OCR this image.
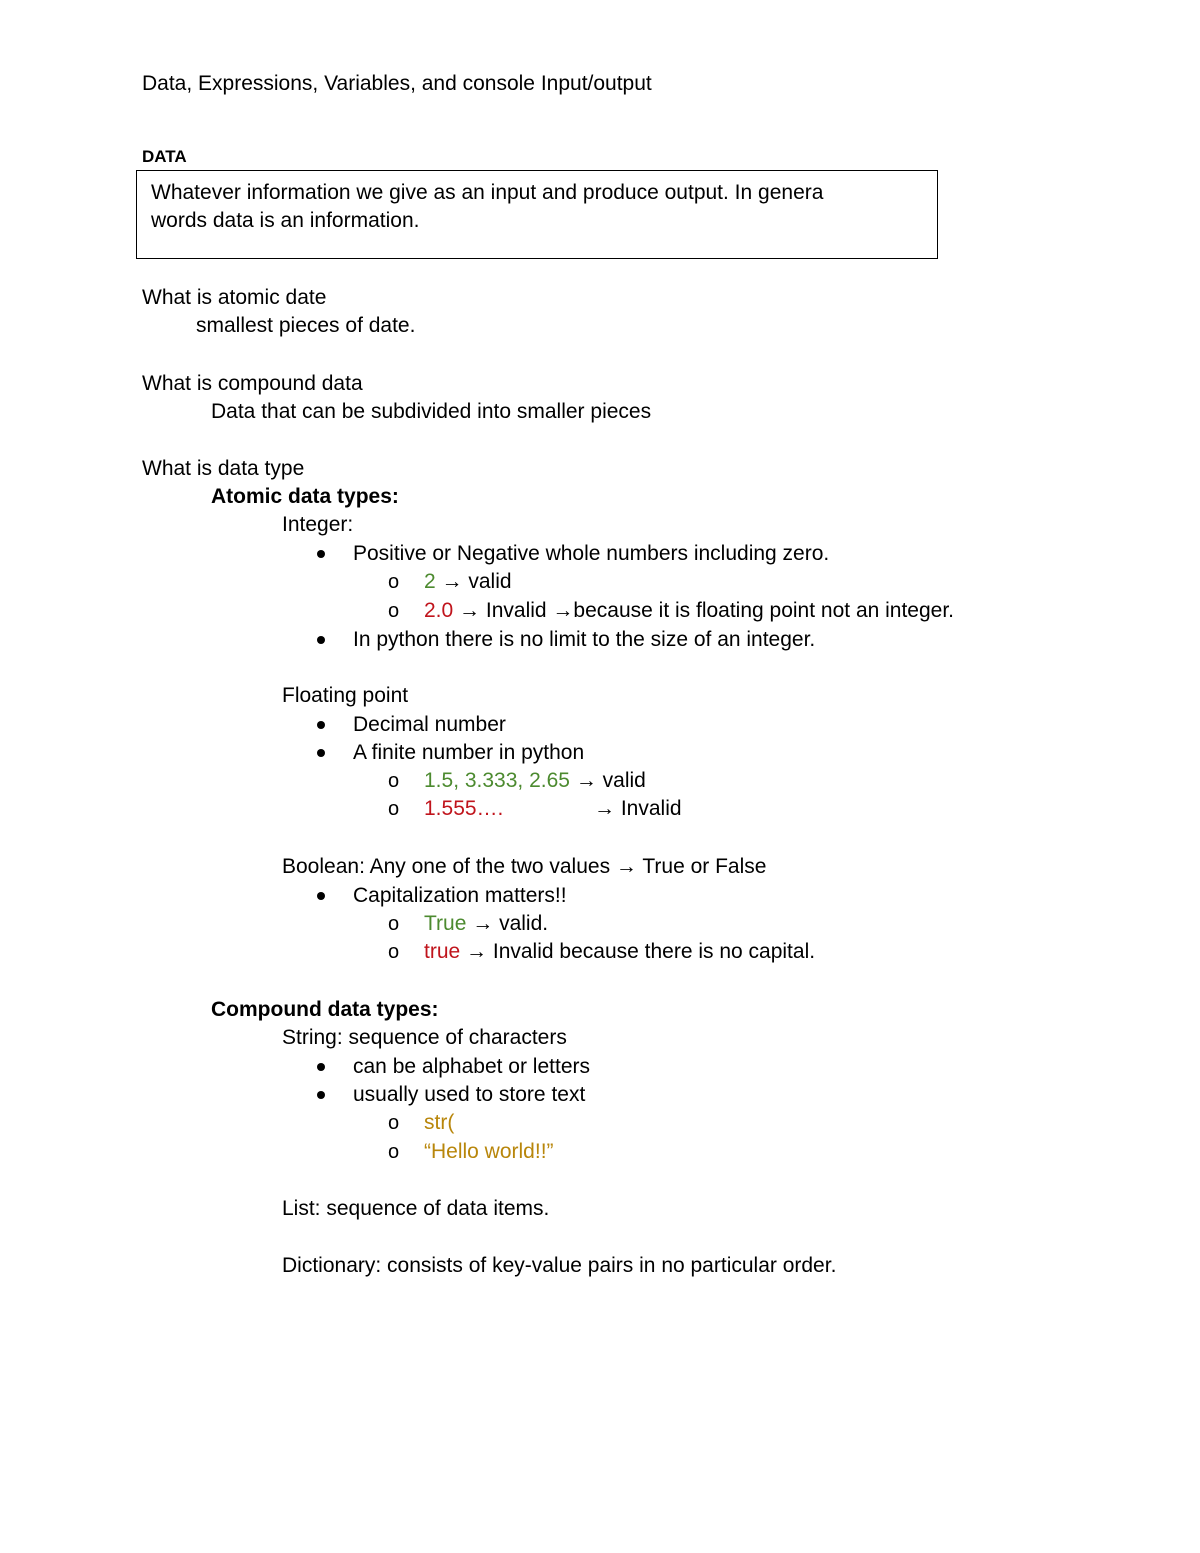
Data, Expressions, Variables, and console Input/output
DATA
Whatever information we give as an input and produce output. In genera
words data is an information.
What is atomic date
smallest pieces of date.
What is compound data
Data that can be subdivided into smaller pieces
What is data type
Atomic data types:
Integer:
Positive or Negative whole numbers including zero.
o 2 → valid
o 2.0 → Invalid →because it is floating point not an integer.
In python there is no limit to the size of an integer.
Floating point
Decimal number
A finite number in python
o 1.5, 3.333, 2.65 → valid
o 1.555….	→ Invalid
Boolean: Any one of the two values → True or False
Capitalization matters!!
o True → valid.
o true → Invalid because there is no capital.
Compound data types:
String: sequence of characters
can be alphabet or letters
usually used to store text
o str(
o “Hello world!!”
List: sequence of data items.
Dictionary: consists of key-value pairs in no particular order.
